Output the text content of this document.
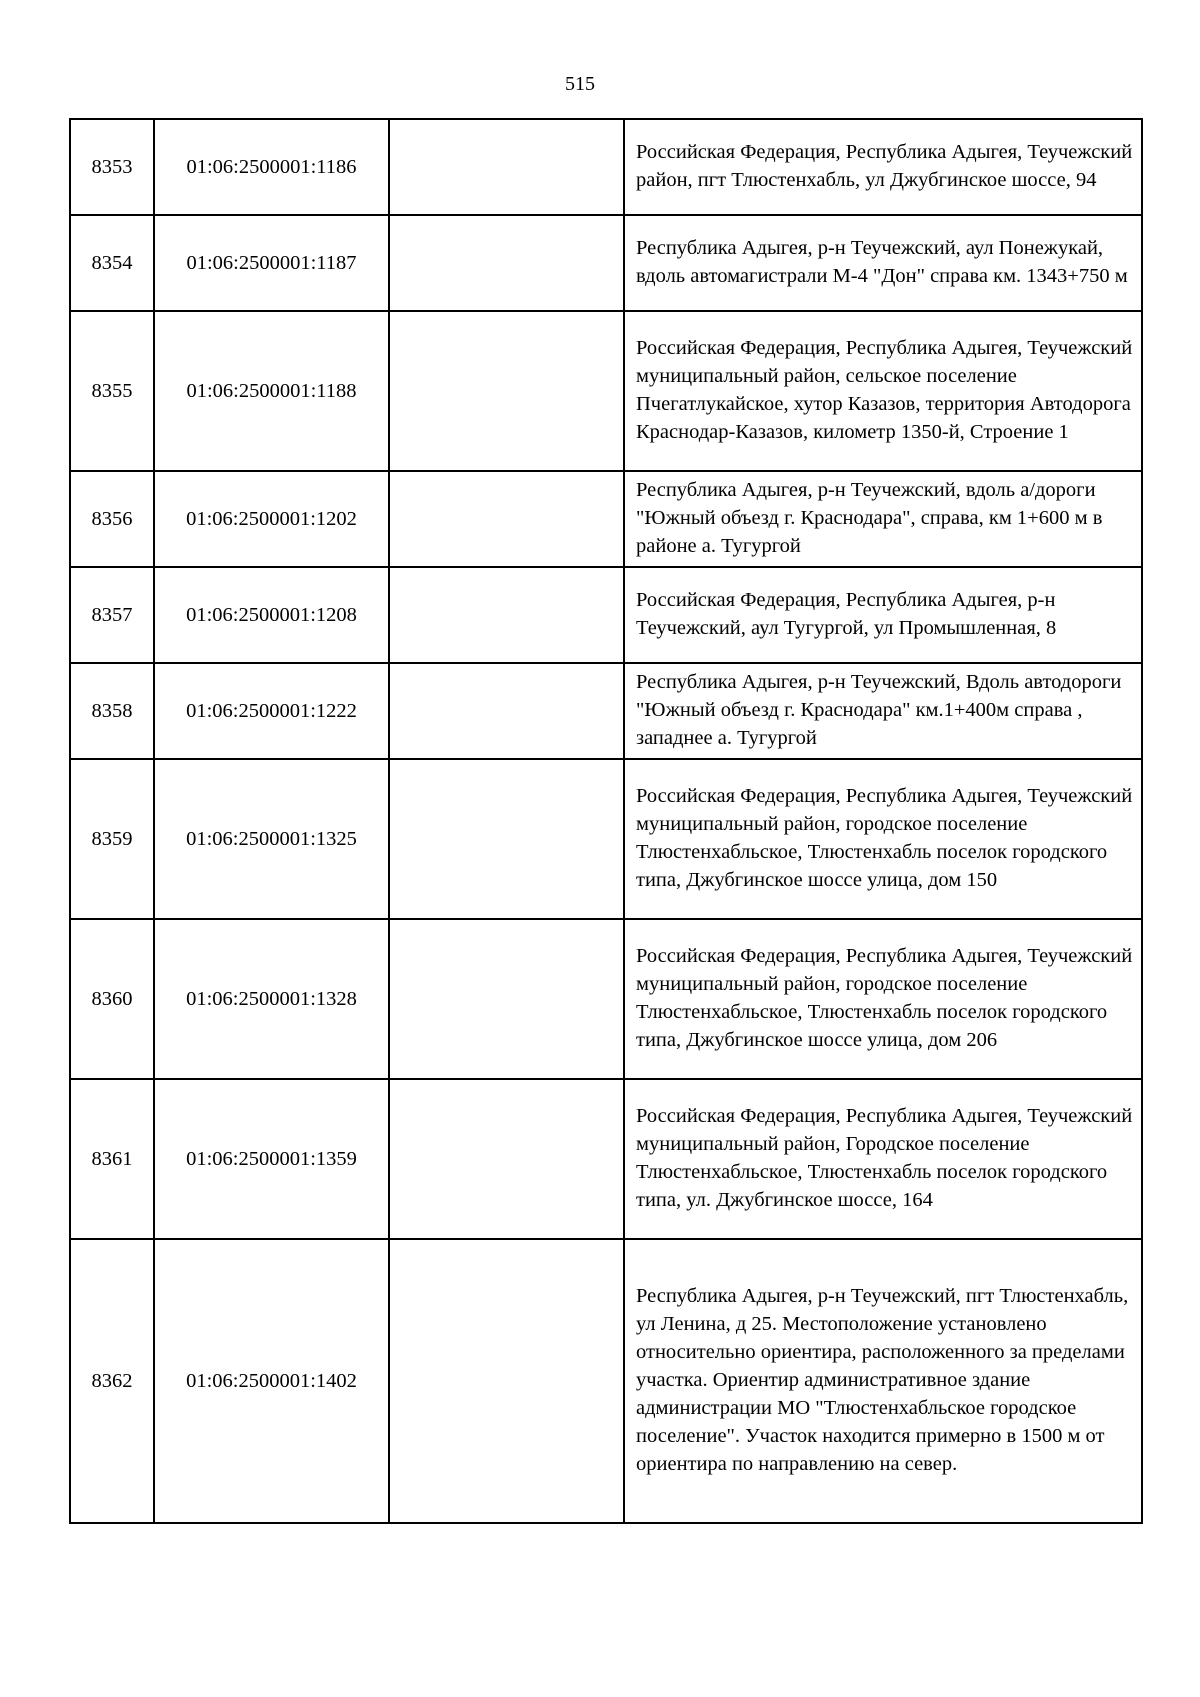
515
8353	01:06:2500001:1186		Российская Федерация, Республика Адыгея, Теучежский район, пгт Тлюстенхабль, ул Джубгинское шоссе, 94
8354	01:06:2500001:1187		Республика Адыгея, р-н Теучежский, аул Понежукай, вдоль автомагистрали М-4 "Дон" справа км. 1343+750 м
8355	01:06:2500001:1188		Российская Федерация, Республика Адыгея, Теучежский муниципальный район, сельское поселение Пчегатлукайское, хутор Казазов, территория Автодорога Краснодар-Казазов, километр 1350-й, Строение 1
8356	01:06:2500001:1202		Республика Адыгея, р-н Теучежский, вдоль а/дороги "Южный объезд г. Краснодара", справа, км 1+600 м в районе а. Тугургой
8357	01:06:2500001:1208		Российская Федерация, Республика Адыгея, р-н Теучежский, аул Тугургой, ул Промышленная, 8
8358	01:06:2500001:1222		Республика Адыгея, р-н Теучежский, Вдоль автодороги "Южный объезд г. Краснодара" км.1+400м справа , западнее а. Тугургой
8359	01:06:2500001:1325		Российская Федерация, Республика Адыгея, Теучежский муниципальный район, городское поселение Тлюстенхабльское, Тлюстенхабль поселок городского типа, Джубгинское шоссе улица, дом 150
8360	01:06:2500001:1328		Российская Федерация, Республика Адыгея, Теучежский муниципальный район, городское поселение Тлюстенхабльское, Тлюстенхабль поселок городского типа, Джубгинское шоссе улица, дом 206
8361	01:06:2500001:1359		Российская Федерация, Республика Адыгея, Теучежский муниципальный район, Городское поселение Тлюстенхабльское, Тлюстенхабль поселок городского типа, ул. Джубгинское шоссе, 164
8362	01:06:2500001:1402		Республика Адыгея, р-н Теучежский, пгт Тлюстенхабль, ул Ленина, д 25. Местоположение установлено относительно ориентира, расположенного за пределами участка. Ориентир административное здание администрации МО "Тлюстенхабльское городское поселение". Участок находится примерно в 1500 м от ориентира по направлению на север.
